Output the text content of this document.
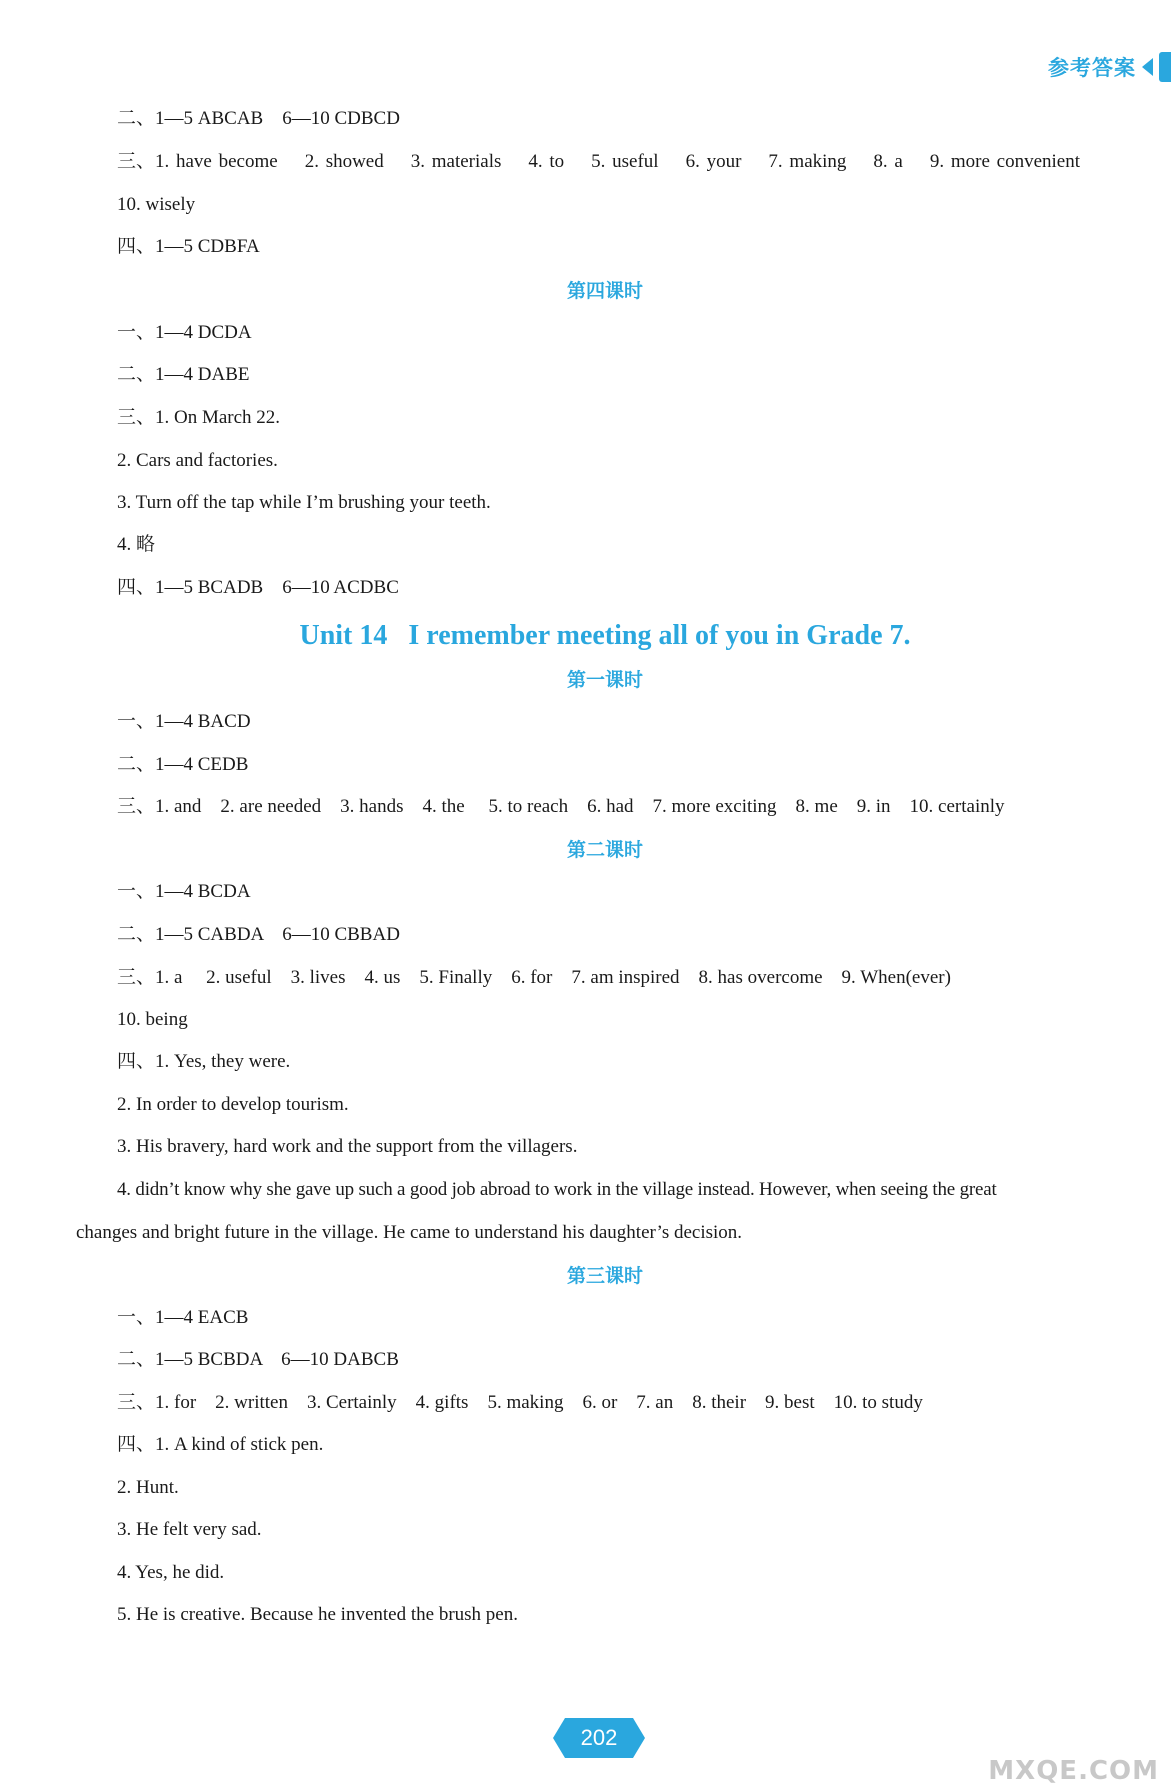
参考答案
二、1—5 ABCAB    6—10 CDBCD
三、1. have become    2. showed    3. materials    4. to    5. useful    6. your    7. making    8. a    9. more convenient
10. wisely
四、1—5 CDBFA
第四课时
一、1—4 DCDA
二、1—4 DABE
三、1. On March 22.
2. Cars and factories.
3. Turn off the tap while I’m brushing your teeth.
4. 略
四、1—5 BCADB    6—10 ACDBC
Unit 14   I remember meeting all of you in Grade 7.
第一课时
一、1—4 BACD
二、1—4 CEDB
三、1. and    2. are needed    3. hands    4. the     5. to reach    6. had    7. more exciting    8. me    9. in    10. certainly
第二课时
一、1—4 BCDA
二、1—5 CABDA    6—10 CBBAD
三、1. a     2. useful    3. lives    4. us    5. Finally    6. for    7. am inspired    8. has overcome    9. When(ever)
10. being
四、1. Yes, they were.
2. In order to develop tourism.
3. His bravery, hard work and the support from the villagers.
4. didn’t know why she gave up such a good job abroad to work in the village instead. However, when seeing the great
changes and bright future in the village. He came to understand his daughter’s decision.
第三课时
一、1—4 EACB
二、1—5 BCBDA    6—10 DABCB
三、1. for    2. written    3. Certainly    4. gifts    5. making    6. or    7. an    8. their    9. best    10. to study
四、1. A kind of stick pen.
2. Hunt.
3. He felt very sad.
4. Yes, he did.
5. He is creative. Because he invented the brush pen.
202
MXQE.COM
